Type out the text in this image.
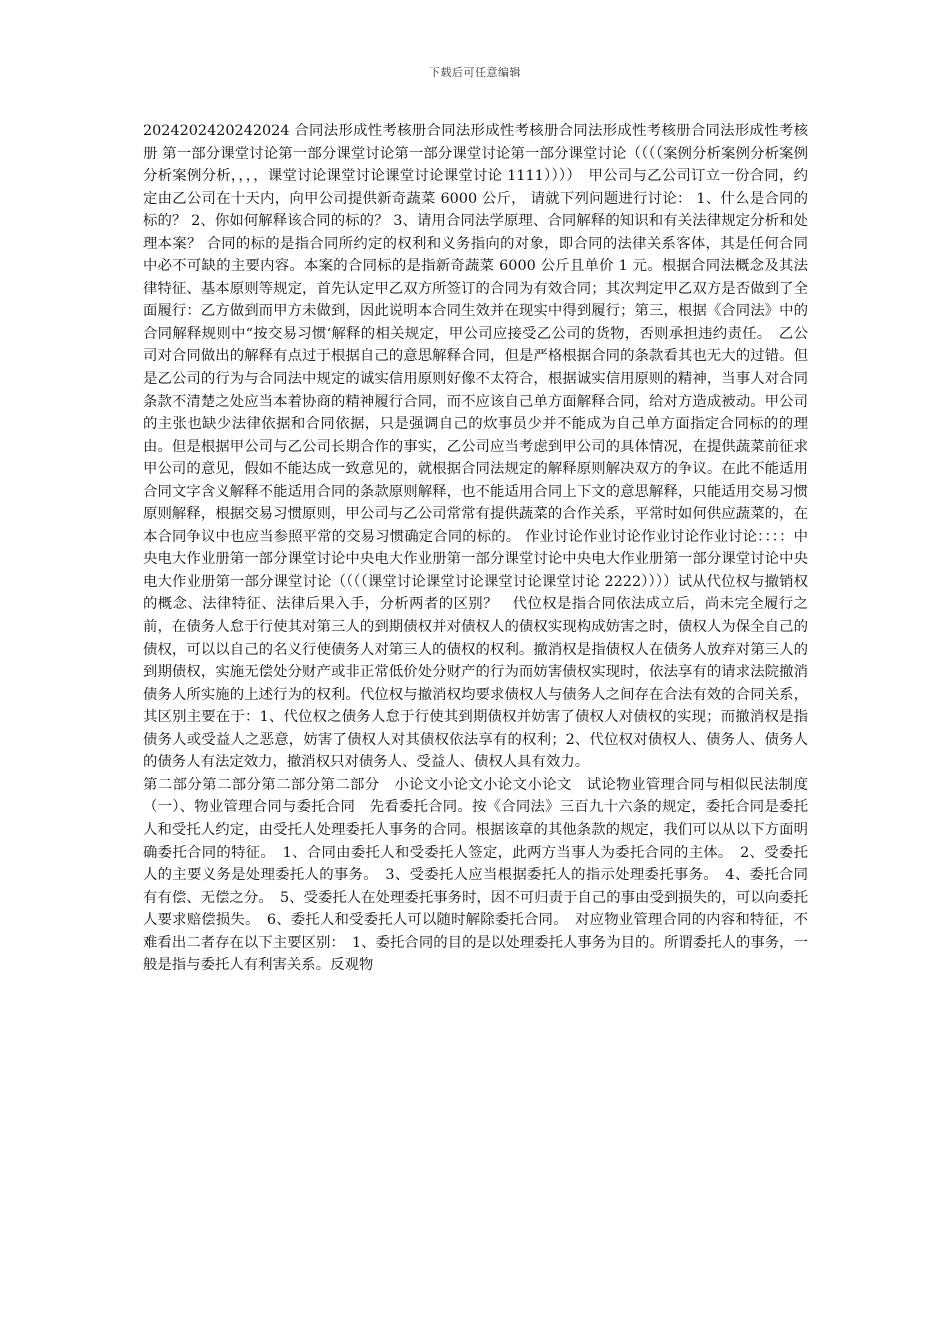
下载后可任意编辑

2024202420242024 合同法形成性考核册合同法形成性考核册合同法形成性考核册合同法形成性考核册 第一部分课堂讨论第一部分课堂讨论第一部分课堂讨论第一部分课堂讨论（（（（案例分析案例分析案例分析案例分析，，，，课堂讨论课堂讨论课堂讨论课堂讨论 1111））））　甲公司与乙公司订立一份合同，约定由乙公司在十天内，向甲公司提供新奇蔬菜 6000 公斤， 请就下列问题进行讨论： 1、什么是合同的标的？ 2、你如何解释该合同的标的？ 3、请用合同法学原理、合同解释的知识和有关法律规定分析和处理本案？ 合同的标的是指合同所约定的权利和义务指向的对象，即合同的法律关系客体，其是任何合同中必不可缺的主要内容。本案的合同标的是指新奇蔬菜 6000 公斤且单价 1 元。根据合同法概念及其法律特征、基本原则等规定，首先认定甲乙双方所签订的合同为有效合同；其次判定甲乙双方是否做到了全面履行：乙方做到而甲方未做到，因此说明本合同生效并在现实中得到履行；第三，根据《合同法》中的合同解释规则中“按交易习惯‘解释的相关规定，甲公司应接受乙公司的货物，否则承担违约责任。　乙公司对合同做出的解释有点过于根据自己的意思解释合同，但是严格根据合同的条款看其也无大的过错。但是乙公司的行为与合同法中规定的诚实信用原则好像不太符合，根据诚实信用原则的精神，当事人对合同条款不清楚之处应当本着协商的精神履行合同，而不应该自己单方面解释合同，给对方造成被动。甲公司的主张也缺少法律依据和合同依据，只是强调自己的炊事员少并不能成为自己单方面指定合同标的的理由。但是根据甲公司与乙公司长期合作的事实，乙公司应当考虑到甲公司的具体情况，在提供蔬菜前征求甲公司的意见，假如不能达成一致意见的，就根据合同法规定的解释原则解决双方的争议。在此不能适用合同文字含义解释不能适用合同的条款原则解释，也不能适用合同上下文的意思解释，只能适用交易习惯原则解释，根据交易习惯原则，甲公司与乙公司常常有提供蔬菜的合作关系，平常时如何供应蔬菜的，在本合同争议中也应当参照平常的交易习惯确定合同的标的。 作业讨论作业讨论作业讨论作业讨论：：：：中央电大作业册第一部分课堂讨论中央电大作业册第一部分课堂讨论中央电大作业册第一部分课堂讨论中央电大作业册第一部分课堂讨论（（（（课堂讨论课堂讨论课堂讨论课堂讨论 2222））））试从代位权与撤销权的概念、法律特征、法律后果入手，分析两者的区别？　代位权是指合同依法成立后，尚未完全履行之前，在债务人怠于行使其对第三人的到期债权并对债权人的债权实现构成妨害之时，债权人为保全自己的债权，可以以自己的名义行使债务人对第三人的债权的权利。撤消权是指债权人在债务人放弃对第三人的到期债权，实施无偿处分财产或非正常低价处分财产的行为而妨害债权实现时，依法享有的请求法院撤消债务人所实施的上述行为的权利。代位权与撤消权均要求债权人与债务人之间存在合法有效的合同关系，其区别主要在于：1、代位权之债务人怠于行使其到期债权并妨害了债权人对债权的实现；而撤消权是指债务人或受益人之恶意，妨害了债权人对其债权依法享有的权利；2、代位权对债权人、债务人、债务人的债务人有法定效力，撤消权只对债务人、受益人、债权人具有效力。

第二部分第二部分第二部分第二部分　小论文小论文小论文小论文　试论物业管理合同与相似民法制度　（一）、物业管理合同与委托合同　先看委托合同。按《合同法》三百九十六条的规定，委托合同是委托人和受托人约定，由受托人处理委托人事务的合同。根据该章的其他条款的规定，我们可以从以下方面明确委托合同的特征。　1、合同由委托人和受委托人签定，此两方当事人为委托合同的主体。　2、受委托人的主要义务是处理委托人的事务。　3、受委托人应当根据委托人的指示处理委托事务。　4、委托合同有有偿、无偿之分。　5、受委托人在处理委托事务时，因不可归责于自己的事由受到损失的，可以向委托人要求赔偿损失。　6、委托人和受委托人可以随时解除委托合同。　对应物业管理合同的内容和特征，不难看出二者存在以下主要区别：　1、委托合同的目的是以处理委托人事务为目的。所谓委托人的事务，一般是指与委托人有利害关系。反观物
